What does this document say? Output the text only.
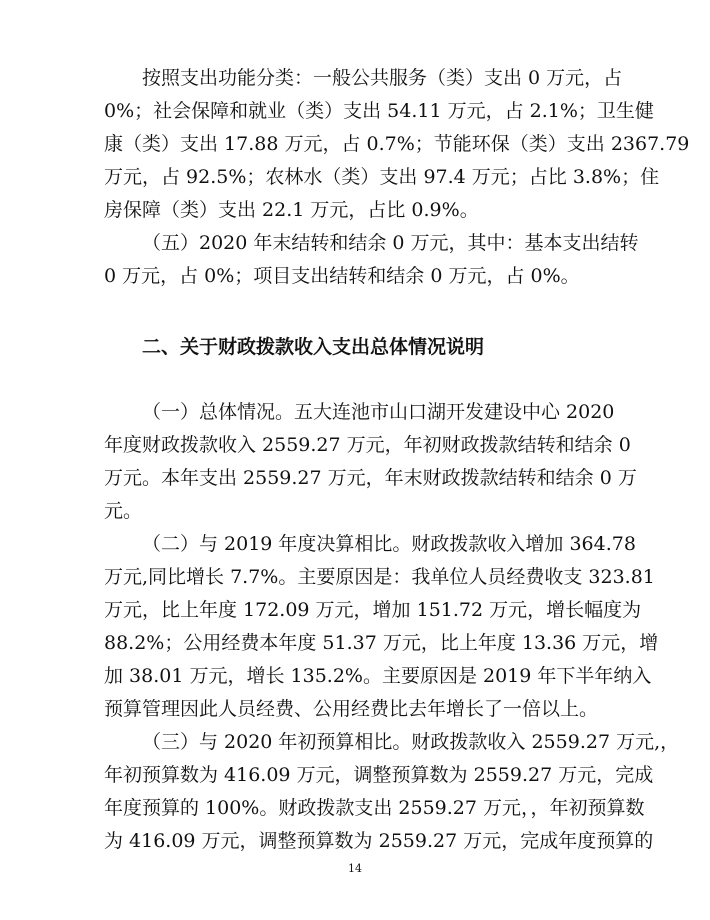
按照支出功能分类：一般公共服务（类）支出 0 万元，占
0%；社会保障和就业（类）支出 54.11 万元，占 2.1%；卫生健
康（类）支出 17.88 万元，占 0.7%；节能环保（类）支出 2367.79
万元，占 92.5%；农林水（类）支出 97.4 万元；占比 3.8%；住
房保障（类）支出 22.1 万元，占比 0.9%。
（五）2020 年末结转和结余 0 万元，其中：基本支出结转
0 万元，占 0%；项目支出结转和结余 0 万元，占 0%。

二、关于财政拨款收入支出总体情况说明

（一）总体情况。五大连池市山口湖开发建设中心 2020
年度财政拨款收入 2559.27 万元，年初财政拨款结转和结余 0
万元。本年支出 2559.27 万元，年末财政拨款结转和结余 0 万
元。
（二）与 2019 年度决算相比。财政拨款收入增加 364.78
万元,同比增长 7.7%。主要原因是：我单位人员经费收支 323.81
万元，比上年度 172.09 万元，增加 151.72 万元，增长幅度为
88.2%；公用经费本年度 51.37 万元，比上年度 13.36 万元，增
加 38.01 万元，增长 135.2%。主要原因是 2019 年下半年纳入
预算管理因此人员经费、公用经费比去年增长了一倍以上。
（三）与 2020 年初预算相比。财政拨款收入 2559.27 万元,，
年初预算数为 416.09 万元，调整预算数为 2559.27 万元，完成
年度预算的 100%。财政拨款支出 2559.27 万元，，年初预算数
为 416.09 万元，调整预算数为 2559.27 万元，完成年度预算的
14
